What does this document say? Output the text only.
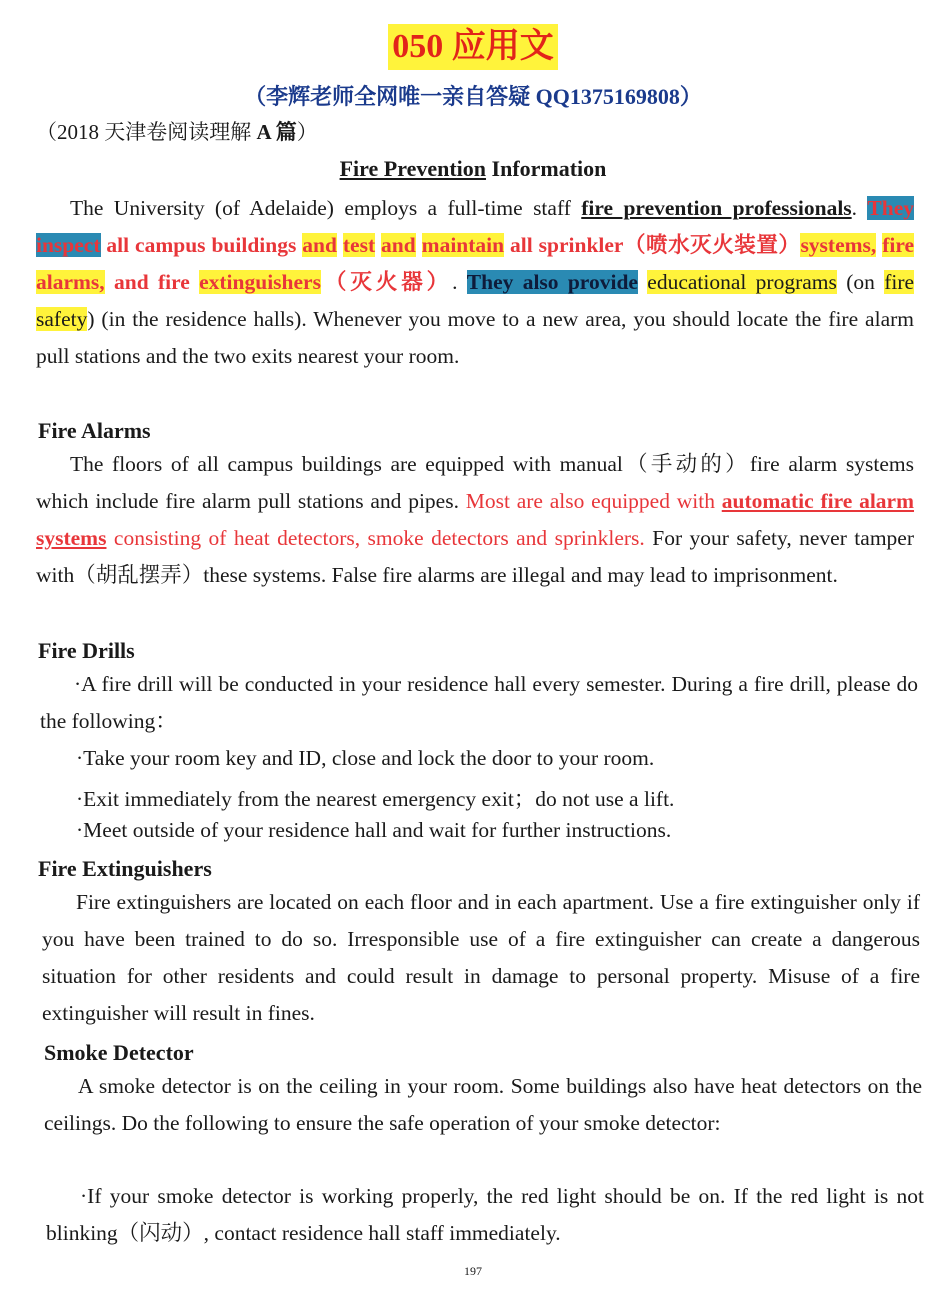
050 应用文
（李辉老师全网唯一亲自答疑 QQ1375169808）
（2018 天津卷阅读理解 A 篇）
Fire Prevention Information

The University (of Adelaide) employs a full-time staff fire prevention professionals. They inspect all campus buildings and test and maintain all sprinkler（喷水灭火装置）systems, fire alarms, and fire extinguishers（灭火器）. They also provide educational programs (on fire safety) (in the residence halls). Whenever you move to a new area, you should locate the fire alarm pull stations and the two exits nearest your room.

Fire Alarms

The floors of all campus buildings are equipped with manual（手动的）fire alarm systems which include fire alarm pull stations and pipes. Most are also equipped with automatic fire alarm systems consisting of heat detectors, smoke detectors and sprinklers. For your safety, never tamper with（胡乱摆弄）these systems. False fire alarms are illegal and may lead to imprisonment.

Fire Drills

·A fire drill will be conducted in your residence hall every semester. During a fire drill, please do the following：

·Take your room key and ID, close and lock the door to your room.
·Exit immediately from the nearest emergency exit；do not use a lift.
·Meet outside of your residence hall and wait for further instructions.
Fire Extinguishers

Fire extinguishers are located on each floor and in each apartment. Use a fire extinguisher only if you have been trained to do so. Irresponsible use of a fire extinguisher can create a dangerous situation for other residents and could result in damage to personal property. Misuse of a fire extinguisher will result in fines.

Smoke Detector

A smoke detector is on the ceiling in your room. Some buildings also have heat detectors on the ceilings. Do the following to ensure the safe operation of your smoke detector:

·If your smoke detector is working properly, the red light should be on. If the red light is not blinking（闪动）, contact residence hall staff immediately.

197
